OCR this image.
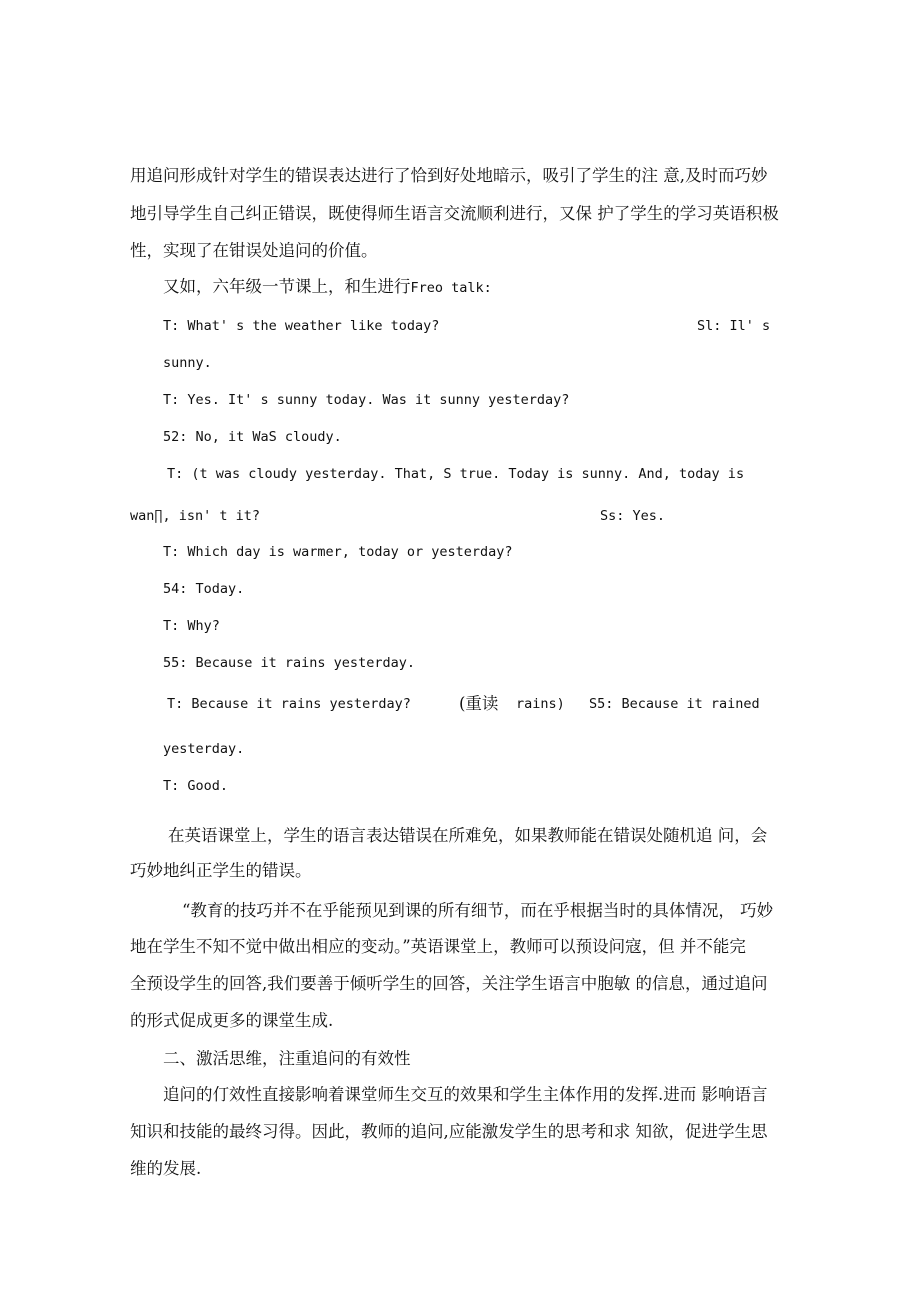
用追问形成针对学生的错误表达进行了恰到好处地暗示，吸引了学生的注 意,及时而巧妙

地引导学生自己纠正错误，既使得师生语言交流顺利进行，又保 护了学生的学习英语积极

性，实现了在钳误处追问的价值。

又如，六年级一节课上，和生进行Freo talk:

T: What' s the weather like today?	Sl: Il' s

sunny.

T: Yes. It' s sunny today. Was it sunny yesterday?

52: No, it WaS cloudy.

T: (t was cloudy yesterday. That, S true. Today is sunny. And, today is

wan∏, isn' t it?	Ss: Yes.

T: Which day is warmer, today or yesterday?

54: Today.

T: Why?

55: Because it rains yesterday.

T: Because it rains yesterday?	(重读 rains) S5: Because it rained

yesterday.

T: Good.

在英语课堂上，学生的语言表达错误在所难免，如果教师能在错误处随机追 问，会

巧妙地纠正学生的错误。

“教育的技巧并不在乎能预见到课的所有细节，而在乎根据当时的具体情况， 巧妙

地在学生不知不觉中做出相应的变动。”英语课堂上，教师可以预设问寇，但 并不能完

全预设学生的回答,我们要善于倾听学生的回答，关注学生语言中胞敏 的信息，通过追问

的形式促成更多的课堂生成.

二、激活思维，注重追问的有效性

追问的仃效性直接影响着课堂师生交互的效果和学生主体作用的发挥.进而 影响语言

知识和技能的最终习得。因此，教师的追问,应能激发学生的思考和求 知欲，促进学生思

维的发展.
